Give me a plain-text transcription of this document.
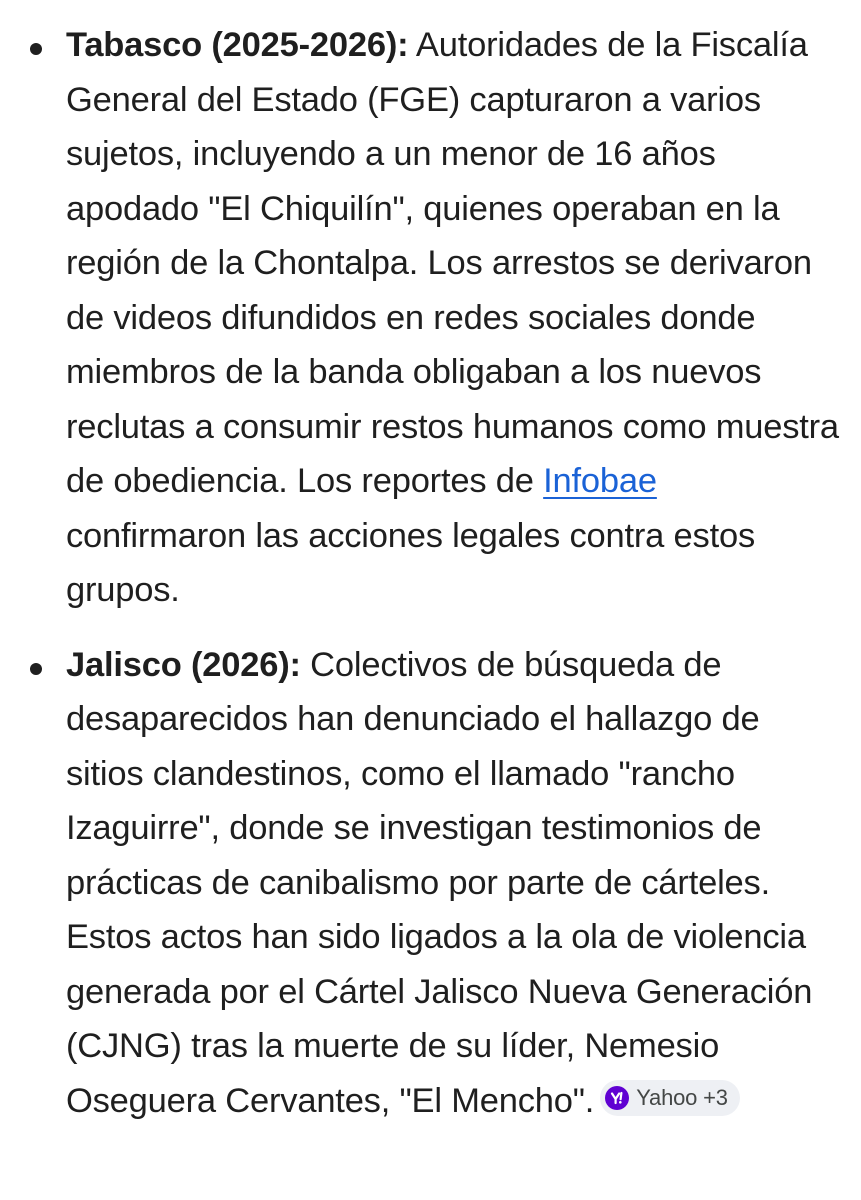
Tabasco (2025-2026): Autoridades de la Fiscalía General del Estado (FGE) capturaron a varios sujetos, incluyendo a un menor de 16 años apodado "El Chiquilín", quienes operaban en la región de la Chontalpa. Los arrestos se derivaron de videos difundidos en redes sociales donde miembros de la banda obligaban a los nuevos reclutas a consumir restos humanos como muestra de obediencia. Los reportes de Infobae confirmaron las acciones legales contra estos grupos.

Jalisco (2026): Colectivos de búsqueda de desaparecidos han denunciado el hallazgo de sitios clandestinos, como el llamado "rancho Izaguirre", donde se investigan testimonios de prácticas de canibalismo por parte de cárteles. Estos actos han sido ligados a la ola de violencia generada por el Cártel Jalisco Nueva Generación (CJNG) tras la muerte de su líder, Nemesio Oseguera Cervantes, "El Mencho". Yahoo +3
